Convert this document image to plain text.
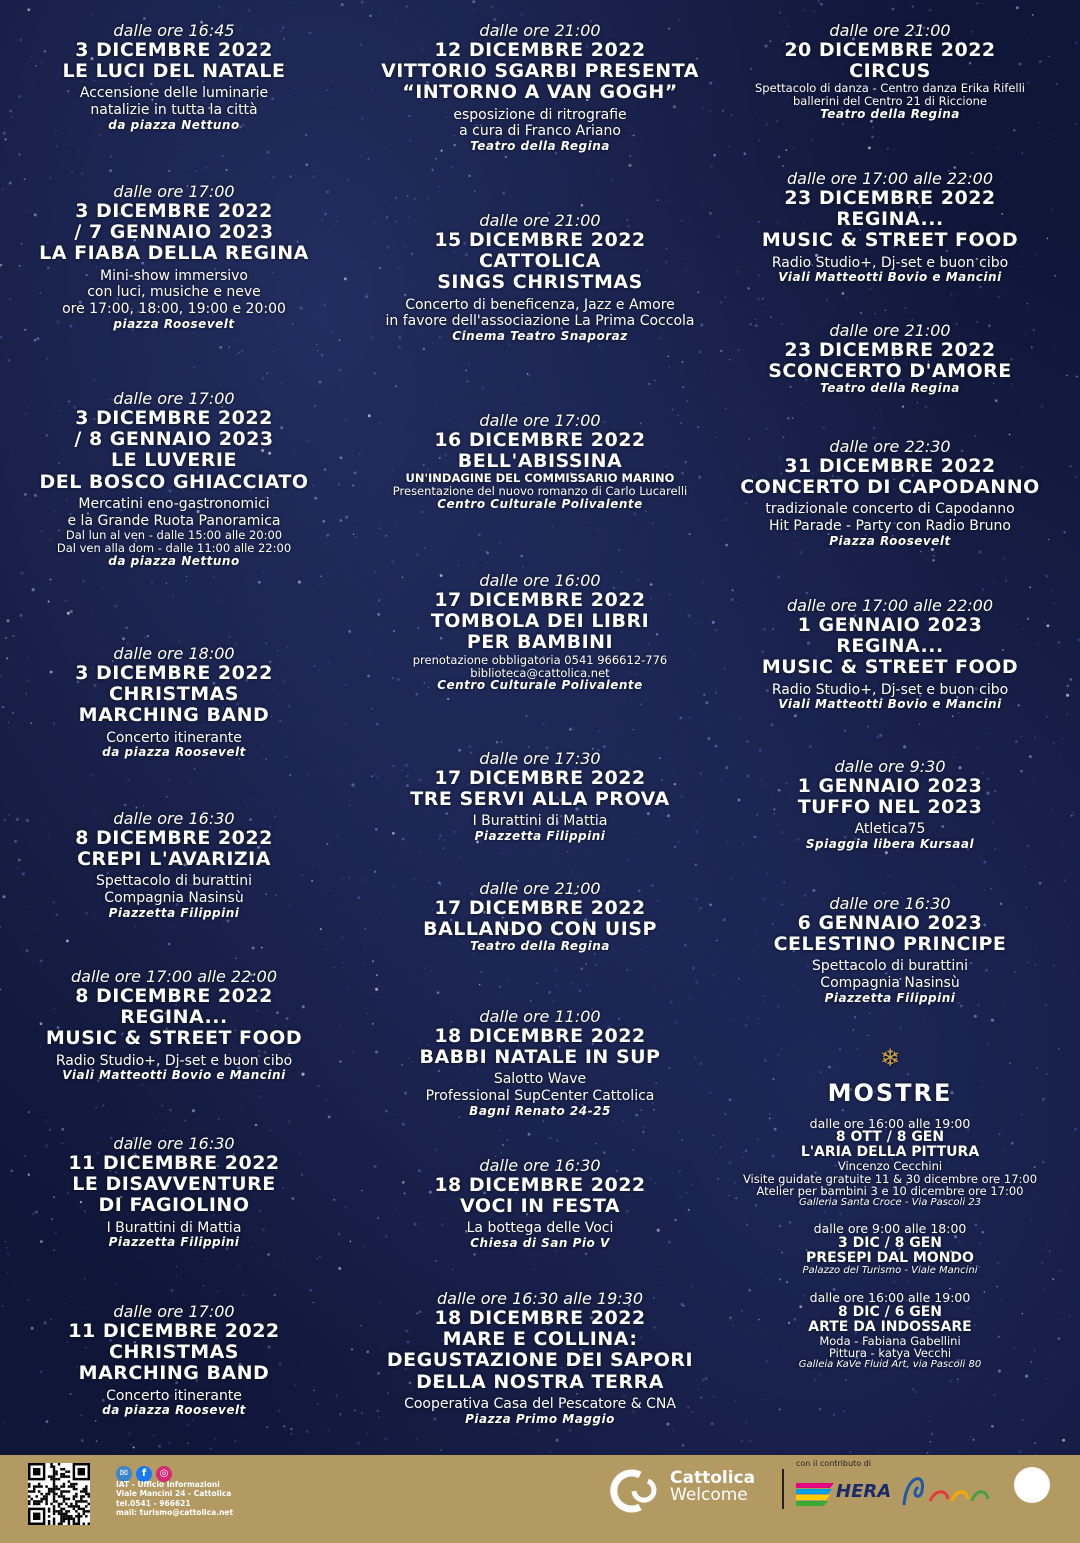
dalle ore 16:45
3 DICEMBRE 2022
LE LUCI DEL NATALE
Accensione delle luminarie
natalizie in tutta la città
da piazza Nettuno
dalle ore 17:00
3 DICEMBRE 2022
/ 7 GENNAIO 2023
LA FIABA DELLA REGINA
Mini-show immersivo
con luci, musiche e neve
ore 17:00, 18:00, 19:00 e 20:00
piazza Roosevelt
dalle ore 17:00
3 DICEMBRE 2022
/ 8 GENNAIO 2023
LE LUVERIE
DEL BOSCO GHIACCIATO
Mercatini eno-gastronomici
e la Grande Ruota Panoramica
Dal lun al ven - dalle 15:00 alle 20:00
Dal ven alla dom - dalle 11:00 alle 22:00
da piazza Nettuno
dalle ore 18:00
3 DICEMBRE 2022
CHRISTMAS
MARCHING BAND
Concerto itinerante
da piazza Roosevelt
dalle ore 16:30
8 DICEMBRE 2022
CREPI L'AVARIZIA
Spettacolo di burattini
Compagnia Nasinsù
Piazzetta Filippini
dalle ore 17:00 alle 22:00
8 DICEMBRE 2022
REGINA...
MUSIC & STREET FOOD
Radio Studio+, Dj-set e buon cibo
Viali Matteotti Bovio e Mancini
dalle ore 16:30
11 DICEMBRE 2022
LE DISAVVENTURE
DI FAGIOLINO
I Burattini di Mattia
Piazzetta Filippini
dalle ore 17:00
11 DICEMBRE 2022
CHRISTMAS
MARCHING BAND
Concerto itinerante
da piazza Roosevelt
dalle ore 21:00
12 DICEMBRE 2022
VITTORIO SGARBI PRESENTA
“INTORNO A VAN GOGH”
esposizione di ritrografie
a cura di Franco Ariano
Teatro della Regina
dalle ore 21:00
15 DICEMBRE 2022
CATTOLICA
SINGS CHRISTMAS
Concerto di beneficenza, Jazz e Amore
in favore dell'associazione La Prima Coccola
Cinema Teatro Snaporaz
dalle ore 17:00
16 DICEMBRE 2022
BELL'ABISSINA
UN'INDAGINE DEL COMMISSARIO MARINO
Presentazione del nuovo romanzo di Carlo Lucarelli
Centro Culturale Polivalente
dalle ore 16:00
17 DICEMBRE 2022
TOMBOLA DEI LIBRI
PER BAMBINI
prenotazione obbligatoria 0541 966612-776
biblioteca@cattolica.net
Centro Culturale Polivalente
dalle ore 17:30
17 DICEMBRE 2022
TRE SERVI ALLA PROVA
I Burattini di Mattia
Piazzetta Filippini
dalle ore 21:00
17 DICEMBRE 2022
BALLANDO CON UISP
Teatro della Regina
dalle ore 11:00
18 DICEMBRE 2022
BABBI NATALE IN SUP
Salotto Wave
Professional SupCenter Cattolica
Bagni Renato 24-25
dalle ore 16:30
18 DICEMBRE 2022
VOCI IN FESTA
La bottega delle Voci
Chiesa di San Pio V
dalle ore 16:30 alle 19:30
18 DICEMBRE 2022
MARE E COLLINA:
DEGUSTAZIONE DEI SAPORI
DELLA NOSTRA TERRA
Cooperativa Casa del Pescatore & CNA
Piazza Primo Maggio
dalle ore 21:00
20 DICEMBRE 2022
CIRCUS
Spettacolo di danza - Centro danza Erika Rifelli
ballerini del Centro 21 di Riccione
Teatro della Regina
dalle ore 17:00 alle 22:00
23 DICEMBRE 2022
REGINA...
MUSIC & STREET FOOD
Radio Studio+, Dj-set e buon cibo
Viali Matteotti Bovio e Mancini
dalle ore 21:00
23 DICEMBRE 2022
SCONCERTO D'AMORE
Teatro della Regina
dalle ore 22:30
31 DICEMBRE 2022
CONCERTO DI CAPODANNO
tradizionale concerto di Capodanno
Hit Parade - Party con Radio Bruno
Piazza Roosevelt
dalle ore 17:00 alle 22:00
1 GENNAIO 2023
REGINA...
MUSIC & STREET FOOD
Radio Studio+, Dj-set e buon cibo
Viali Matteotti Bovio e Mancini
dalle ore 9:30
1 GENNAIO 2023
TUFFO NEL 2023
Atletica75
Spiaggia libera Kursaal
dalle ore 16:30
6 GENNAIO 2023
CELESTINO PRINCIPE
Spettacolo di burattini
Compagnia Nasinsù
Piazzetta Filippini
❄
MOSTRE
dalle ore 16:00 alle 19:00
8 OTT / 8 GEN
L'ARIA DELLA PITTURA
Vincenzo Cecchini
Visite guidate gratuite 11 & 30 dicembre ore 17:00
Atelier per bambini 3 e 10 dicembre ore 17:00
Galleria Santa Croce - Via Pascoli 23
dalle ore 9:00 alle 18:00
3 DIC / 8 GEN
PRESEPI DAL MONDO
Palazzo del Turismo - Viale Mancini
dalle ore 16:00 alle 19:00
8 DIC / 6 GEN
ARTE DA INDOSSARE
Moda - Fabiana Gabellini
Pittura - katya Vecchi
Galleia KaVe Fluid Art, via Pascoli 80
✉ f ◎
IAT - Ufficio Informazioni
Viale Mancini 24 - Cattolica
tel.0541 - 966621
mail: turismo@cattolica.net
Cattolica
Welcome
con il contributo di
HERA
